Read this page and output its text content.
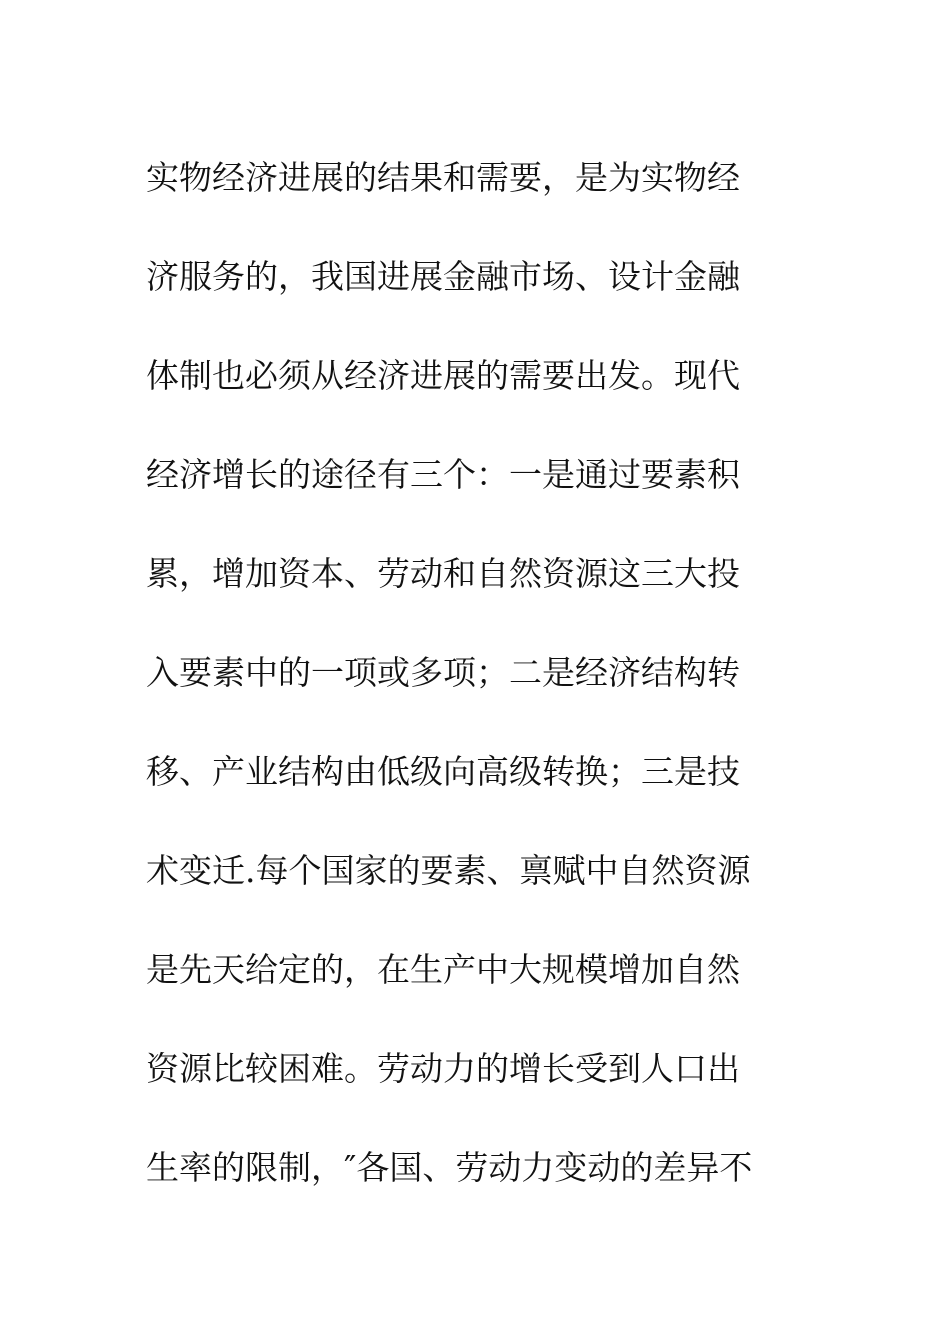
实物经济进展的结果和需要，是为实物经
济服务的，我国进展金融市场、设计金融
体制也必须从经济进展的需要出发。现代
经济增长的途径有三个：一是通过要素积
累，增加资本、劳动和自然资源这三大投
入要素中的一项或多项；二是经济结构转
移、产业结构由低级向高级转换；三是技
术变迁.每个国家的要素、禀赋中自然资源
是先天给定的，在生产中大规模增加自然
资源比较困难。劳动力的增长受到人口出
生率的限制，″各国、劳动力变动的差异不
